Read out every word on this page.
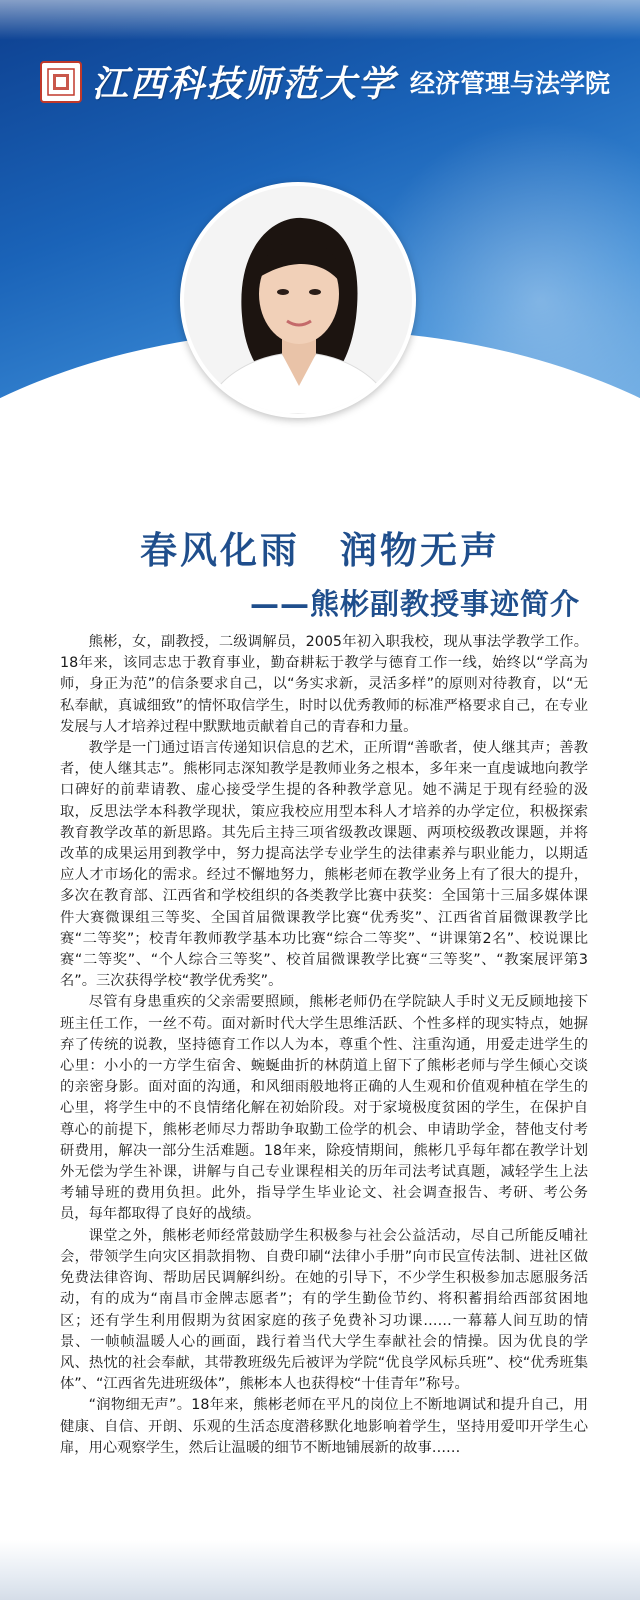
江西科技师范大学 经济管理与法学院
春风化雨　润物无声
——熊彬副教授事迹简介

熊彬，女，副教授，二级调解员，2005年初入职我校，现从事法学教学工作。18年来，该同志忠于教育事业，勤奋耕耘于教学与德育工作一线，始终以“学高为师，身正为范”的信条要求自己，以“务实求新，灵活多样”的原则对待教育，以“无私奉献，真诚细致”的情怀取信学生，时时以优秀教师的标准严格要求自己，在专业发展与人才培养过程中默默地贡献着自己的青春和力量。

教学是一门通过语言传递知识信息的艺术，正所谓“善歌者，使人继其声；善教者，使人继其志”。熊彬同志深知教学是教师业务之根本，多年来一直虔诚地向教学口碑好的前辈请教、虚心接受学生提的各种教学意见。她不满足于现有经验的汲取，反思法学本科教学现状，策应我校应用型本科人才培养的办学定位，积极探索教育教学改革的新思路。其先后主持三项省级教改课题、两项校级教改课题，并将改革的成果运用到教学中，努力提高法学专业学生的法律素养与职业能力，以期适应人才市场化的需求。经过不懈地努力，熊彬老师在教学业务上有了很大的提升，多次在教育部、江西省和学校组织的各类教学比赛中获奖：全国第十三届多媒体课件大赛微课组三等奖、全国首届微课教学比赛“优秀奖”、江西省首届微课教学比赛“二等奖”；校青年教师教学基本功比赛“综合二等奖”、“讲课第2名”、校说课比赛“二等奖”、“个人综合三等奖”、校首届微课教学比赛“三等奖”、“教案展评第3名”。三次获得学校“教学优秀奖”。

尽管有身患重疾的父亲需要照顾，熊彬老师仍在学院缺人手时义无反顾地接下班主任工作，一丝不苟。面对新时代大学生思维活跃、个性多样的现实特点，她摒弃了传统的说教，坚持德育工作以人为本，尊重个性、注重沟通，用爱走进学生的心里：小小的一方学生宿舍、蜿蜒曲折的林荫道上留下了熊彬老师与学生倾心交谈的亲密身影。面对面的沟通，和风细雨般地将正确的人生观和价值观种植在学生的心里，将学生中的不良情绪化解在初始阶段。对于家境极度贫困的学生，在保护自尊心的前提下，熊彬老师尽力帮助争取勤工俭学的机会、申请助学金，替他支付考研费用，解决一部分生活难题。18年来，除疫情期间，熊彬几乎每年都在教学计划外无偿为学生补课，讲解与自己专业课程相关的历年司法考试真题，减轻学生上法考辅导班的费用负担。此外，指导学生毕业论文、社会调查报告、考研、考公务员，每年都取得了良好的战绩。

课堂之外，熊彬老师经常鼓励学生积极参与社会公益活动，尽自己所能反哺社会，带领学生向灾区捐款捐物、自费印刷“法律小手册”向市民宣传法制、进社区做免费法律咨询、帮助居民调解纠纷。在她的引导下，不少学生积极参加志愿服务活动，有的成为“南昌市金牌志愿者”；有的学生勤俭节约、将积蓄捐给西部贫困地区；还有学生利用假期为贫困家庭的孩子免费补习功课……一幕幕人间互助的情景、一帧帧温暖人心的画面，践行着当代大学生奉献社会的情操。因为优良的学风、热忱的社会奉献，其带教班级先后被评为学院“优良学风标兵班”、校“优秀班集体”、“江西省先进班级体”，熊彬本人也获得校“十佳青年”称号。

“润物细无声”。18年来，熊彬老师在平凡的岗位上不断地调试和提升自己，用健康、自信、开朗、乐观的生活态度潜移默化地影响着学生，坚持用爱叩开学生心扉，用心观察学生，然后让温暖的细节不断地铺展新的故事……
